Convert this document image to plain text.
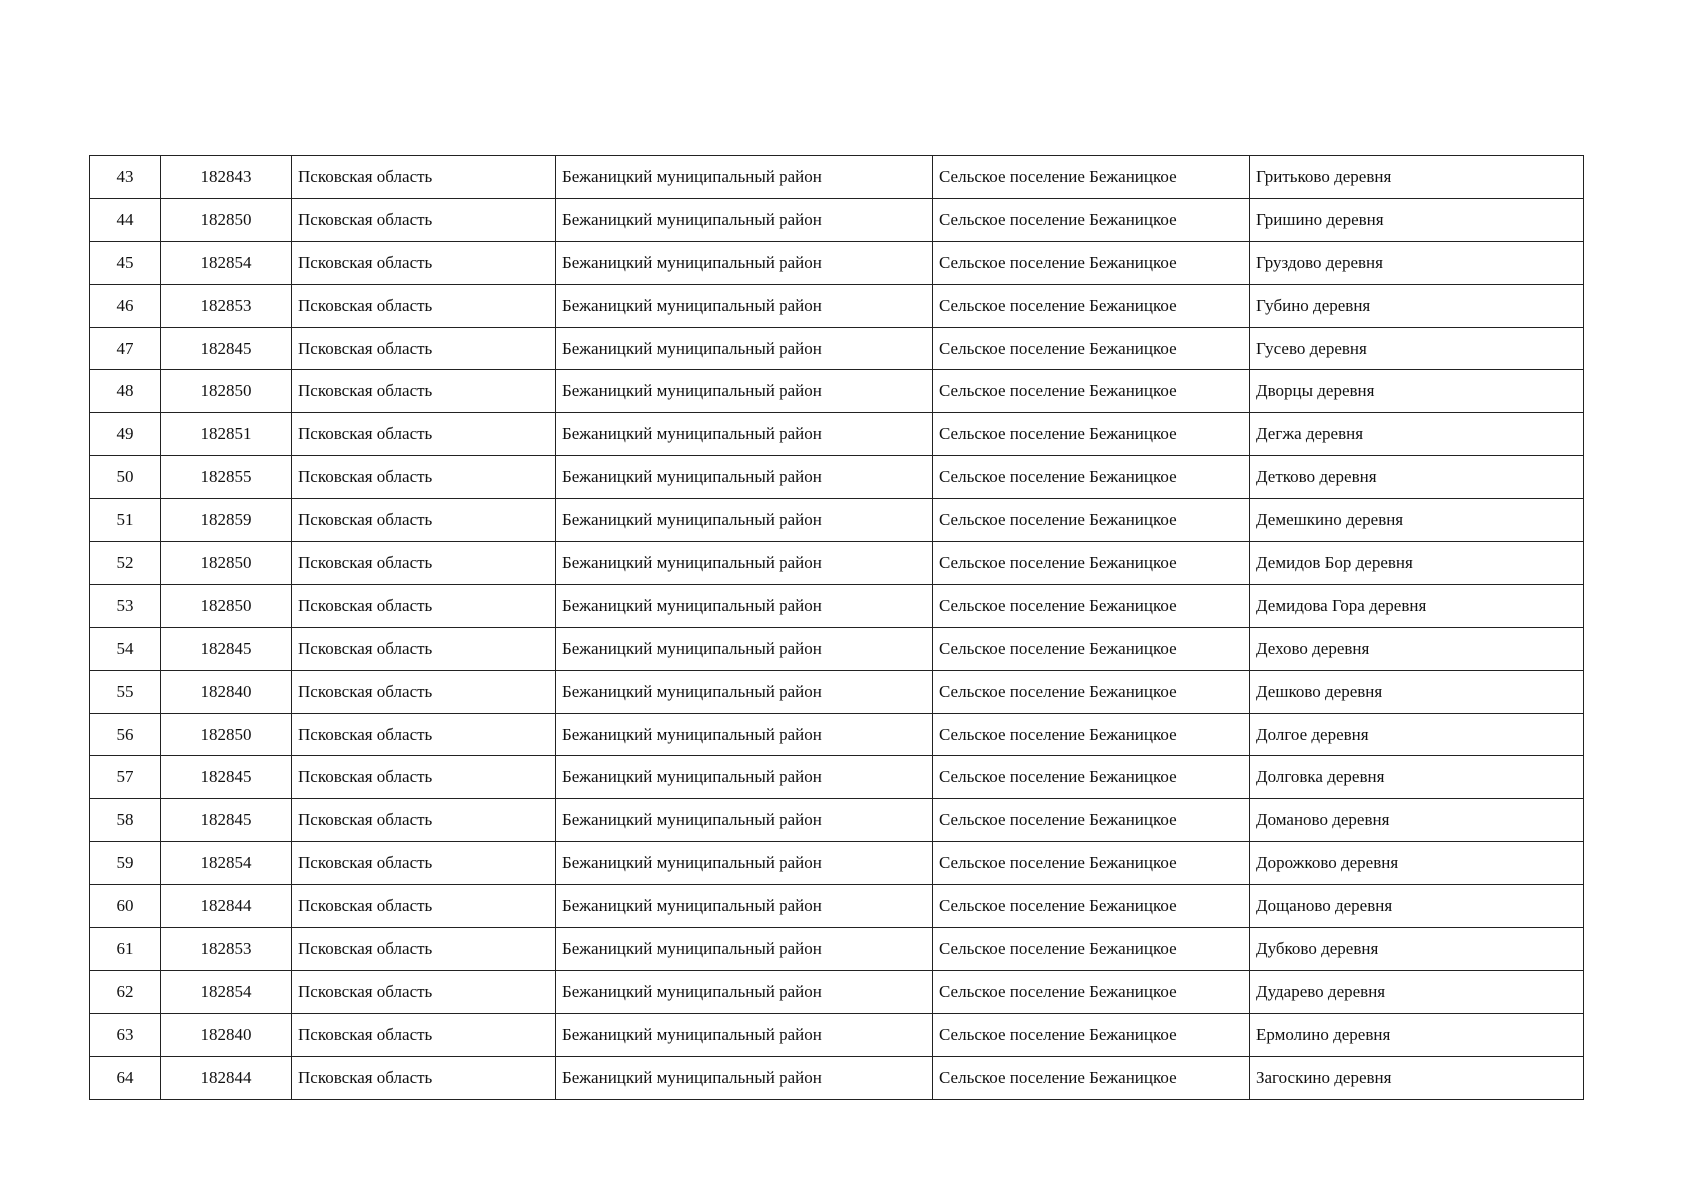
43	182843	Псковская область	Бежаницкий муниципальный район	Сельское поселение Бежаницкое	Гритьково деревня
44	182850	Псковская область	Бежаницкий муниципальный район	Сельское поселение Бежаницкое	Гришино деревня
45	182854	Псковская область	Бежаницкий муниципальный район	Сельское поселение Бежаницкое	Груздово деревня
46	182853	Псковская область	Бежаницкий муниципальный район	Сельское поселение Бежаницкое	Губино деревня
47	182845	Псковская область	Бежаницкий муниципальный район	Сельское поселение Бежаницкое	Гусево деревня
48	182850	Псковская область	Бежаницкий муниципальный район	Сельское поселение Бежаницкое	Дворцы деревня
49	182851	Псковская область	Бежаницкий муниципальный район	Сельское поселение Бежаницкое	Дегжа деревня
50	182855	Псковская область	Бежаницкий муниципальный район	Сельское поселение Бежаницкое	Детково деревня
51	182859	Псковская область	Бежаницкий муниципальный район	Сельское поселение Бежаницкое	Демешкино деревня
52	182850	Псковская область	Бежаницкий муниципальный район	Сельское поселение Бежаницкое	Демидов Бор деревня
53	182850	Псковская область	Бежаницкий муниципальный район	Сельское поселение Бежаницкое	Демидова Гора деревня
54	182845	Псковская область	Бежаницкий муниципальный район	Сельское поселение Бежаницкое	Дехово деревня
55	182840	Псковская область	Бежаницкий муниципальный район	Сельское поселение Бежаницкое	Дешково деревня
56	182850	Псковская область	Бежаницкий муниципальный район	Сельское поселение Бежаницкое	Долгое деревня
57	182845	Псковская область	Бежаницкий муниципальный район	Сельское поселение Бежаницкое	Долговка деревня
58	182845	Псковская область	Бежаницкий муниципальный район	Сельское поселение Бежаницкое	Доманово деревня
59	182854	Псковская область	Бежаницкий муниципальный район	Сельское поселение Бежаницкое	Дорожково деревня
60	182844	Псковская область	Бежаницкий муниципальный район	Сельское поселение Бежаницкое	Дощаново деревня
61	182853	Псковская область	Бежаницкий муниципальный район	Сельское поселение Бежаницкое	Дубково деревня
62	182854	Псковская область	Бежаницкий муниципальный район	Сельское поселение Бежаницкое	Дударево деревня
63	182840	Псковская область	Бежаницкий муниципальный район	Сельское поселение Бежаницкое	Ермолино деревня
64	182844	Псковская область	Бежаницкий муниципальный район	Сельское поселение Бежаницкое	Загоскино деревня
